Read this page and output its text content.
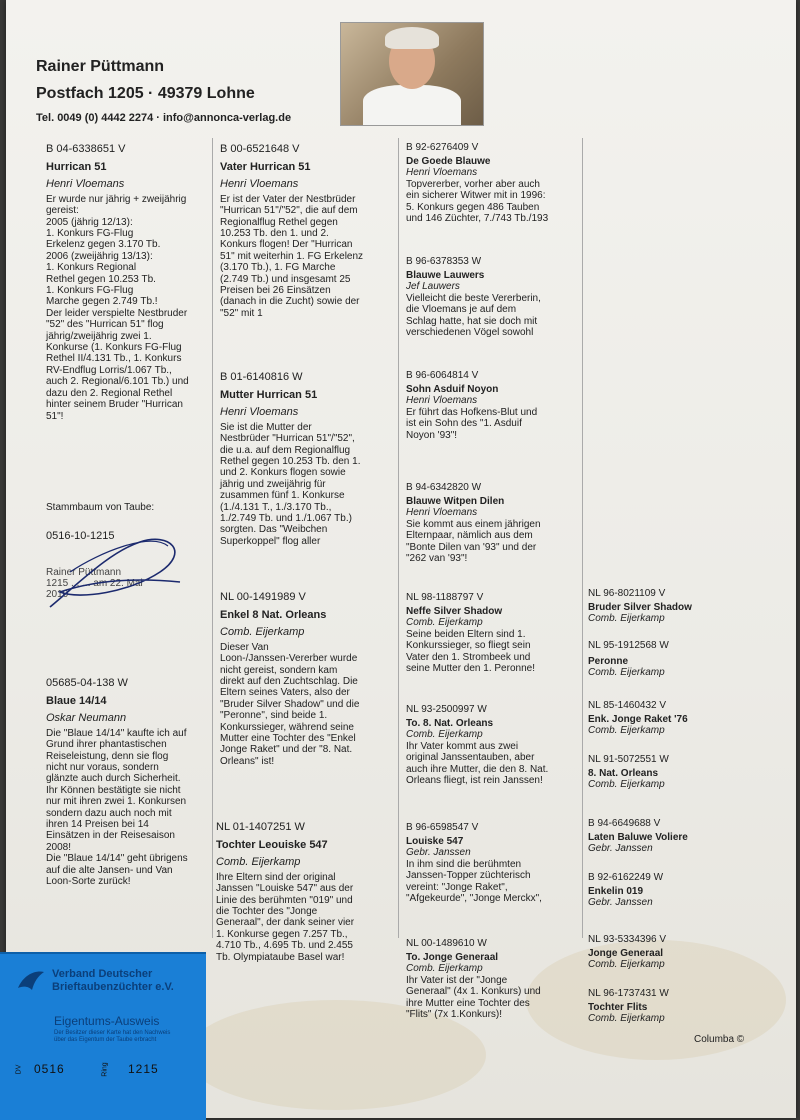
Rainer Püttmann
Postfach 1205 · 49379 Lohne
Tel. 0049 (0) 4442 2274 · info@annonca-verlag.de
B 04-6338651 V
Hurrican 51
Henri Vloemans
Er wurde nur jährig + zweijährig
gereist:
2005 (jährig 12/13):
1. Konkurs FG-Flug
Erkelenz gegen 3.170 Tb.
2006 (zweijährig 13/13):
1. Konkurs Regional
Rethel gegen 10.253 Tb.
1. Konkurs FG-Flug
Marche gegen 2.749 Tb.!
Der leider verspielte Nestbruder
"52" des "Hurrican 51" flog
jährig/zweijährig zwei 1.
Konkurse (1. Konkurs FG-Flug
Rethel II/4.131 Tb., 1. Konkurs
RV-Endflug Lorris/1.067 Tb.,
auch 2. Regional/6.101 Tb.) und
dazu den 2. Regional Rethel
hinter seinem Bruder "Hurrican
51"!
Stammbaum von Taube:
0516-10-1215
Rainer Püttmann
1215 ... ... am 22. Mai
2010
05685-04-138 W
Blaue 14/14
Oskar Neumann
Die "Blaue 14/14" kaufte ich auf
Grund ihrer phantastischen
Reiseleistung, denn sie flog
nicht nur voraus, sondern
glänzte auch durch Sicherheit.
Ihr Können bestätigte sie nicht
nur mit ihren zwei 1. Konkursen
sondern dazu auch noch mit
ihren 14 Preisen bei 14
Einsätzen in der Reisesaison
2008!
Die "Blaue 14/14" geht übrigens
auf die alte Jansen- und Van
Loon-Sorte zurück!
B 00-6521648 V
Vater Hurrican 51
Henri Vloemans
Er ist der Vater der Nestbrüder
"Hurrican 51"/"52", die auf dem
Regionalflug Rethel gegen
10.253 Tb. den 1. und 2.
Konkurs flogen! Der "Hurrican
51" mit weiterhin 1. FG Erkelenz
(3.170 Tb.), 1. FG Marche
(2.749 Tb.) und insgesamt 25
Preisen bei 26 Einsätzen
(danach in die Zucht) sowie der
"52" mit 1
B 01-6140816 W
Mutter Hurrican 51
Henri Vloemans
Sie ist die Mutter der
Nestbrüder "Hurrican 51"/"52",
die u.a. auf dem Regionalflug
Rethel gegen 10.253 Tb. den 1.
und 2. Konkurs flogen sowie
jährig und zweijährig für
zusammen fünf 1. Konkurse
(1./4.131 T., 1./3.170 Tb.,
1./2.749 Tb. und 1./1.067 Tb.)
sorgten. Das "Weibchen
Superkoppel" flog aller
NL 00-1491989 V
Enkel 8 Nat. Orleans
Comb. Eijerkamp
Dieser Van
Loon-/Janssen-Vererber wurde
nicht gereist, sondern kam
direkt auf den Zuchtschlag. Die
Eltern seines Vaters, also der
"Bruder Silver Shadow" und die
"Peronne", sind beide 1.
Konkurssieger, während seine
Mutter eine Tochter des "Enkel
Jonge Raket" und der "8. Nat.
Orleans" ist!
NL 01-1407251 W
Tochter Leouiske 547
Comb. Eijerkamp
Ihre Eltern sind der original
Janssen "Louiske 547" aus der
Linie des berühmten "019" und
die Tochter des "Jonge
Generaal", der dank seiner vier
1. Konkurse gegen 7.257 Tb.,
4.710 Tb., 4.695 Tb. und 2.455
Tb. Olympiataube Basel war!
B 92-6276409 V
De Goede Blauwe
Henri Vloemans
Topvererber, vorher aber auch
ein sicherer Witwer mit in 1996:
5. Konkurs gegen 486 Tauben
und 146 Züchter, 7./743 Tb./193
B 96-6378353 W
Blauwe Lauwers
Jef Lauwers
Vielleicht die beste Vererberin,
die Vloemans je auf dem
Schlag hatte, hat sie doch mit
verschiedenen Vögel sowohl
B 96-6064814 V
Sohn Asduif Noyon
Henri Vloemans
Er führt das Hofkens-Blut und
ist ein Sohn des "1. Asduif
Noyon '93"!
B 94-6342820 W
Blauwe Witpen Dilen
Henri Vloemans
Sie kommt aus einem jährigen
Elternpaar, nämlich aus dem
"Bonte Dilen van '93" und der
"262 van '93"!
NL 98-1188797 V
Neffe Silver Shadow
Comb. Eijerkamp
Seine beiden Eltern sind 1.
Konkurssieger, so fliegt sein
Vater den 1. Strombeek und
seine Mutter den 1. Peronne!
NL 93-2500997 W
To. 8. Nat. Orleans
Comb. Eijerkamp
Ihr Vater kommt aus zwei
original Janssentauben, aber
auch ihre Mutter, die den 8. Nat.
Orleans fliegt, ist rein Janssen!
B 96-6598547 V
Louiske 547
Gebr. Janssen
In ihm sind die berühmten
Janssen-Topper züchterisch
vereint: "Jonge Raket",
"Afgekeurde", "Jonge Merckx",
NL 00-1489610 W
To. Jonge Generaal
Comb. Eijerkamp
Ihr Vater ist der "Jonge
Generaal" (4x 1. Konkurs) und
ihre Mutter eine Tochter des
"Flits" (7x 1.Konkurs)!
NL 96-8021109 V
Bruder Silver Shadow
Comb. Eijerkamp
NL 95-1912568 W
Peronne
Comb. Eijerkamp
NL 85-1460432 V
Enk. Jonge Raket '76
Comb. Eijerkamp
NL 91-5072551 W
8. Nat. Orleans
Comb. Eijerkamp
B 94-6649688 V
Laten Baluwe Voliere
Gebr. Janssen
B 92-6162249 W
Enkelin 019
Gebr. Janssen
NL 93-5334396 V
Jonge Generaal
Comb. Eijerkamp
NL 96-1737431 W
Tochter Flits
Comb. Eijerkamp
Columba ©
Verband Deutscher
Brieftaubenzüchter e.V.
Eigentums-Ausweis
Der Besitzer dieser Karte hat den Nachweis
über das Eigentum der Taube erbracht
DV 0516	Ring 1215
